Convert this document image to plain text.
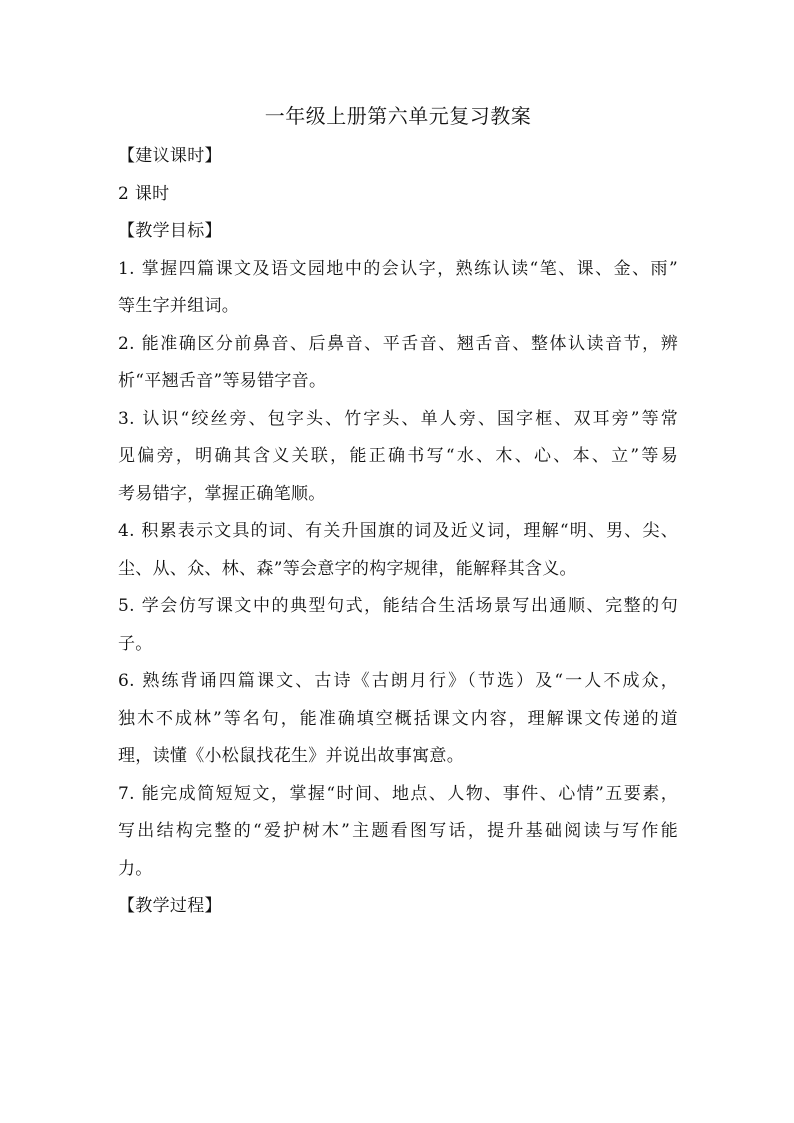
一年级上册第六单元复习教案
【建议课时】
2 课时
【教学目标】
1. 掌握四篇课文及语文园地中的会认字，熟练认读“笔、课、金、雨”
等生字并组词。
2. 能准确区分前鼻音、后鼻音、平舌音、翘舌音、整体认读音节，辨
析“平翘舌音”等易错字音。
3. 认识“绞丝旁、包字头、竹字头、单人旁、国字框、双耳旁”等常
见偏旁，明确其含义关联，能正确书写“水、木、心、本、立”等易
考易错字，掌握正确笔顺。
4. 积累表示文具的词、有关升国旗的词及近义词，理解“明、男、尖、
尘、从、众、林、森”等会意字的构字规律，能解释其含义。
5. 学会仿写课文中的典型句式，能结合生活场景写出通顺、完整的句
子。
6. 熟练背诵四篇课文、古诗《古朗月行》（节选）及“一人不成众，
独木不成林”等名句，能准确填空概括课文内容，理解课文传递的道
理，读懂《小松鼠找花生》并说出故事寓意。
7. 能完成简短短文，掌握“时间、地点、人物、事件、心情”五要素，
写出结构完整的“爱护树木”主题看图写话，提升基础阅读与写作能
力。
【教学过程】
